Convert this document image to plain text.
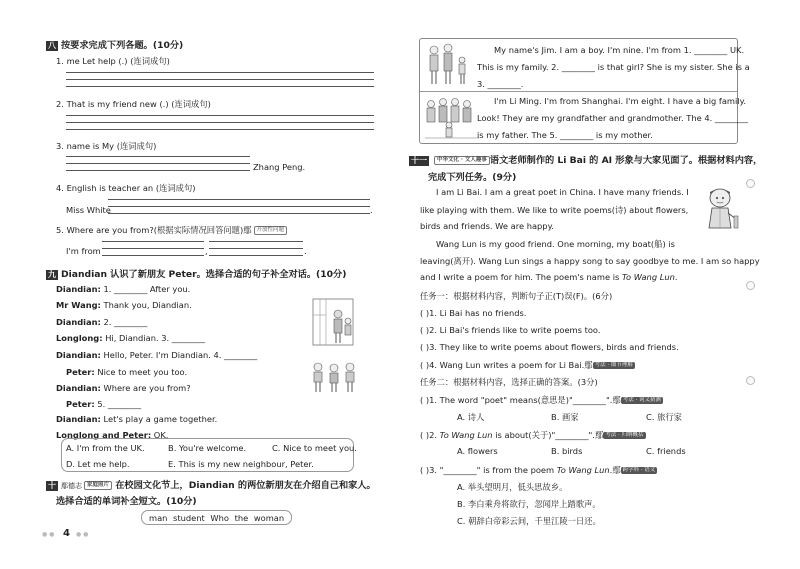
八 按要求完成下列各题。(10分)
1. me Let help (.) (连词成句)
2. That is my friend new (.) (连词成句)
3. name is My (连词成句)
Zhang Peng.
4. English is teacher an (连词成句)
Miss White	.
5. Where are you from?(根据实际情况回答问题)鄢 开放性问题
I'm from	,	.
九 Diandian 认识了新朋友 Peter。选择合适的句子补全对话。(10分)
Diandian: 1. ________ After you.
Mr Wang: Thank you, Diandian.
Diandian: 2. ________
Longlong: Hi, Diandian. 3. ________
Diandian: Hello, Peter. I'm Diandian. 4. ________
Peter: Nice to meet you too.
Diandian: Where are you from?
Peter: 5. ________
Diandian: Let's play a game together.
Longlong and Peter: OK.
A. I'm from the UK.	B. You're welcome.	C. Nice to meet you.
D. Let me help.	E. This is my new neighbour, Peter.
十 鄢德志 家庭照片 在校园文化节上，Diandian 的两位新朋友在介绍自己和家人。
选择合适的单词补全短文。(10分)
man student Who the woman
● ● 4 ● ●
My name's Jim. I am a boy. I'm nine. I'm from 1. ________ UK.
This is my family. 2. ________ is that girl? She is my sister. She is a
3. ________.
I'm Li Ming. I'm from Shanghai. I'm eight. I have a big family.
Look! They are my grandfather and grandmother. The 4. ________
is my father. The 5. ________ is my mother.
十一 中华文化 · 文人趣事 语文老师制作的 Li Bai 的 AI 形象与大家见面了。根据材料内容，
完成下列任务。(9分)
I am Li Bai. I am a great poet in China. I have many friends. I
like playing with them. We like to write poems(诗) about flowers,
birds and friends. We are happy.
Wang Lun is my good friend. One morning, my boat(船) is
leaving(离开). Wang Lun sings a happy song to say goodbye to me. I am so happy
and I write a poem for him. The poem's name is To Wang Lun.
任务一：根据材料内容，判断句子正(T)误(F)。(6分)
( )1. Li Bai has no friends.
( )2. Li Bai's friends like to write poems too.
( )3. They like to write poems about flowers, birds and friends.
( )4. Wang Lun writes a poem for Li Bai.鄢 考法 · 细节理解
任务二：根据材料内容，选择正确的答案。(3分)
( )1. The word "poet" means(意思是)"________".鄢 考法 · 词义猜测
A. 诗人	B. 画家	C. 旅行家
( )2. To Wang Lun is about(关于)"________".鄢 考法 · 归纳概括
A. flowers	B. birds	C. friends
( )3. "________" is from the poem To Wang Lun.鄢 跨学科 · 语文
A. 举头望明月，低头思故乡。
B. 李白乘舟将欲行，忽闻岸上踏歌声。
C. 朝辞白帝彩云间，千里江陵一日还。
